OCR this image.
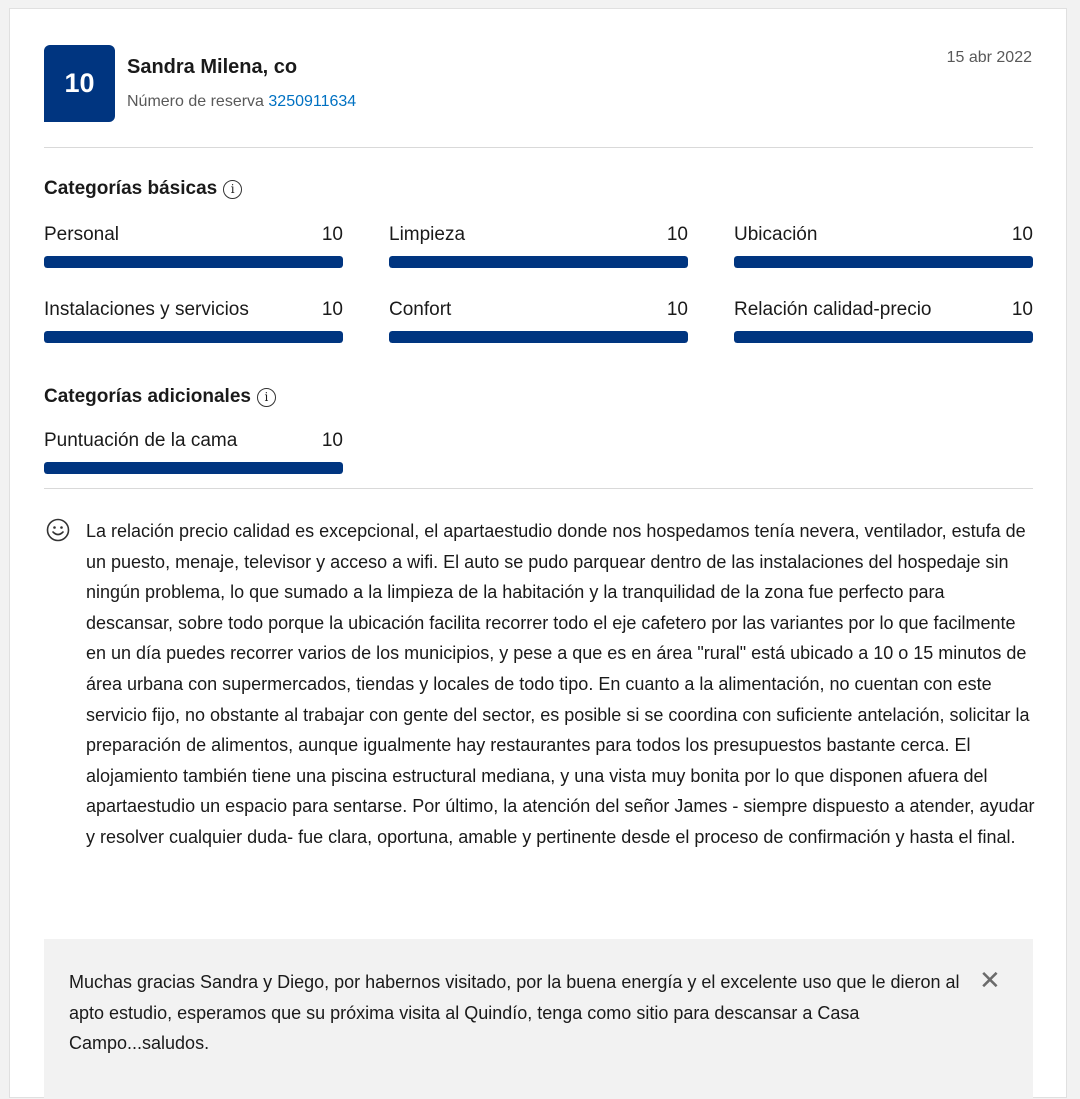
10
Sandra Milena, co
Número de reserva 3250911634
15 abr 2022
Categorías básicas	i
Personal	10 Limpieza	10 Ubicación	10
Instalaciones y servicios	10 Confort	10 Relación calidad-precio	10
Categorías adicionales	i
Puntuación de la cama	10

La relación precio calidad es excepcional, el apartaestudio donde nos hospedamos tenía nevera, ventilador, estufa de un puesto, menaje, televisor y acceso a wifi. El auto se pudo parquear dentro de las instalaciones del hospedaje sin ningún problema, lo que sumado a la limpieza de la habitación y la tranquilidad de la zona fue perfecto para descansar, sobre todo porque la ubicación facilita recorrer todo el eje cafetero por las variantes por lo que facilmente en un día puedes recorrer varios de los municipios, y pese a que es en área "rural" está ubicado a 10 o 15 minutos de área urbana con supermercados, tiendas y locales de todo tipo. En cuanto a la alimentación, no cuentan con este servicio fijo, no obstante al trabajar con gente del sector, es posible si se coordina con suficiente antelación, solicitar la preparación de alimentos, aunque igualmente hay restaurantes para todos los presupuestos bastante cerca. El alojamiento también tiene una piscina estructural mediana, y una vista muy bonita por lo que disponen afuera del apartaestudio un espacio para sentarse. Por último, la atención del señor James - siempre dispuesto a atender, ayudar y resolver cualquier duda- fue clara, oportuna, amable y pertinente desde el proceso de confirmación y hasta el final.

Muchas gracias Sandra y Diego, por habernos visitado, por la buena energía y el excelente uso que le dieron al apto estudio, esperamos que su próxima visita al Quindío, tenga como sitio para descansar a Casa Campo...saludos.

✕
